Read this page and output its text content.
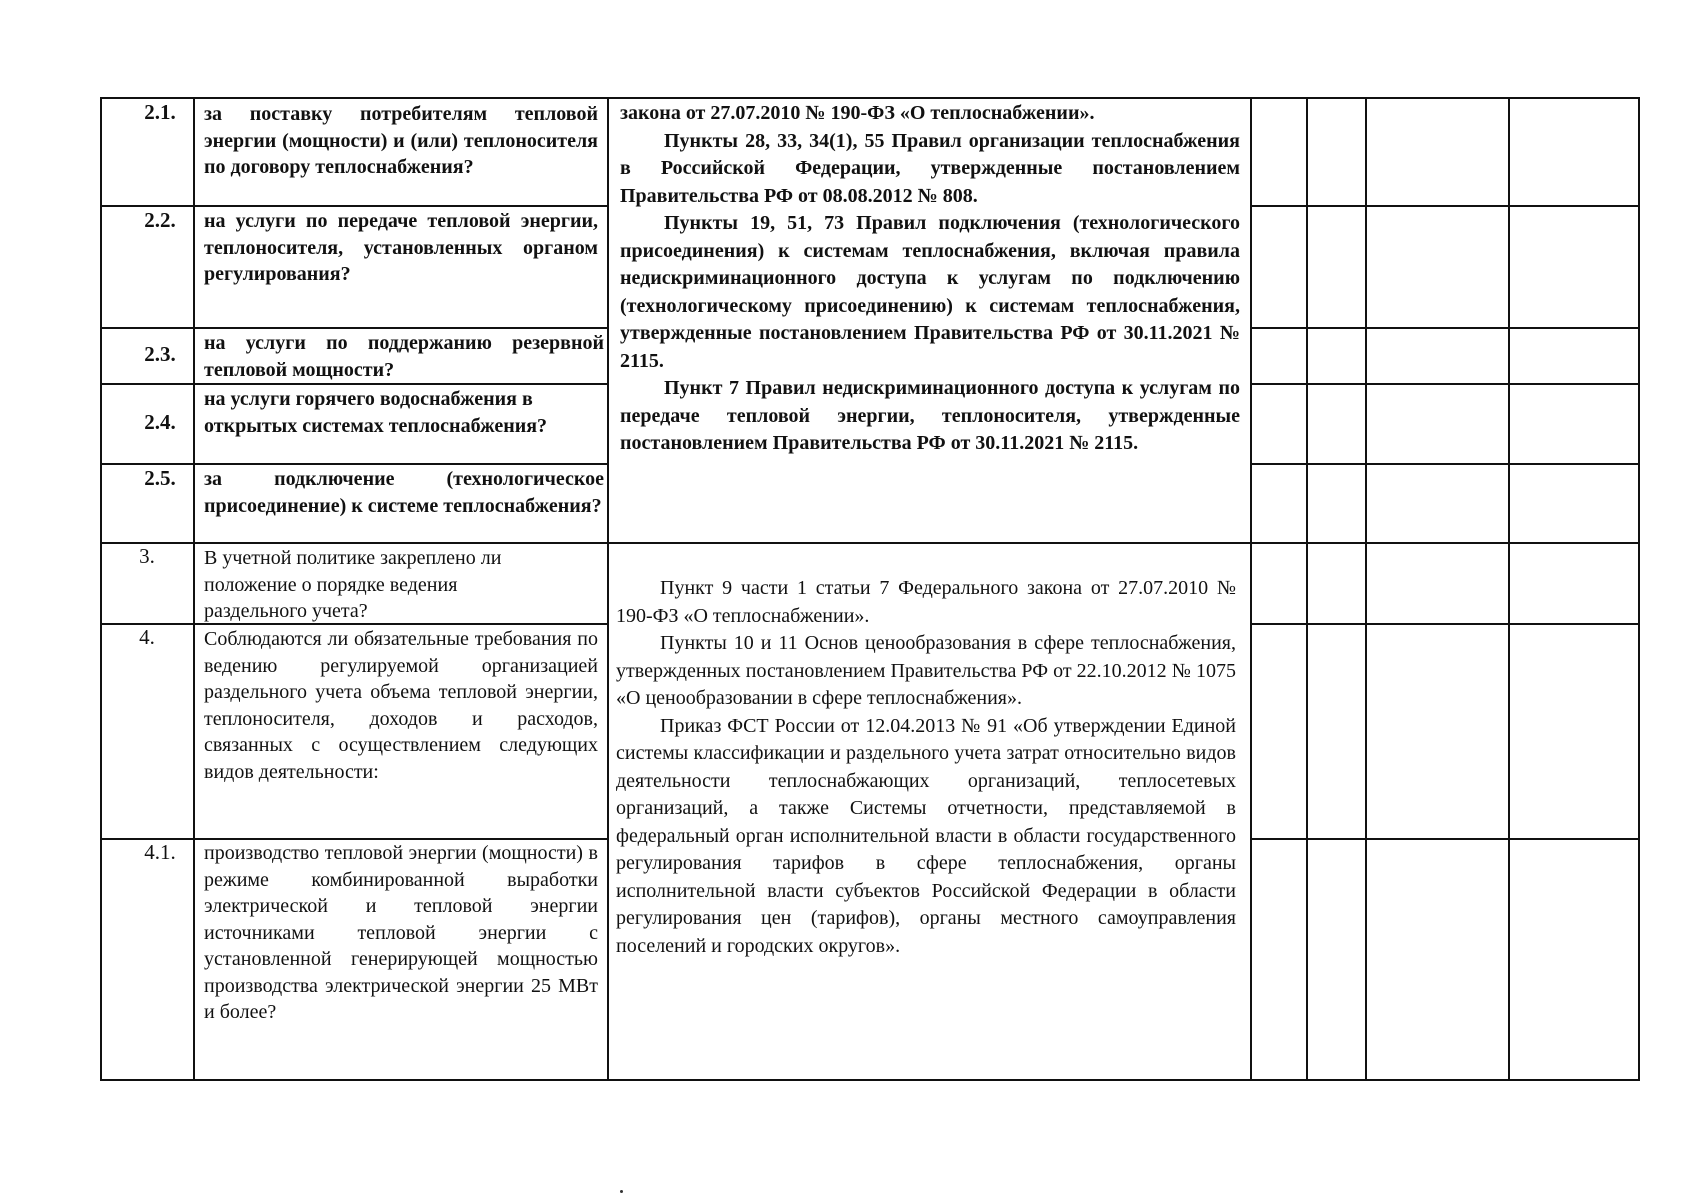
2.1.
2.2.
2.3.
2.4.
2.5.
3.
4.
4.1.
за поставку потребителям тепловой энергии (мощности) и (или) теплоносителя по договору теплоснабжения?
на услуги по передаче тепловой энергии, теплоносителя, установленных органом регулирования?
на услуги по поддержанию резервной тепловой мощности?
на услуги горячего водоснабжения в открытых системах теплоснабжения?
за подключение (технологическое присоединение) к системе теплоснабжения?
В учетной политике закреплено ли положение о порядке ведения раздельного учета?
Соблюдаются ли обязательные требования по ведению регулируемой организацией раздельного учета объема тепловой энергии, теплоносителя, доходов и расходов, связанных с осуществлением следующих видов деятельности:
производство тепловой энергии (мощности) в режиме комбинированной выработки электрической и тепловой энергии источниками тепловой энергии с установленной генерирующей мощностью производства электрической энергии 25 МВт и более?

закона от 27.07.2010 № 190-ФЗ «О теплоснабжении».

Пункты 28, 33, 34(1), 55 Правил организации теплоснабжения в Российской Федерации, утвержденные постановлением Правительства РФ от 08.08.2012 № 808.

Пункты 19, 51, 73 Правил подключения (технологического присоединения) к системам теплоснабжения, включая правила недискриминационного доступа к услугам по подключению (технологическому присоединению) к системам теплоснабжения, утвержденные постановлением Правительства РФ от 30.11.2021 № 2115.

Пункт 7 Правил недискриминационного доступа к услугам по передаче тепловой энергии, теплоносителя, утвержденные постановлением Правительства РФ от 30.11.2021 № 2115.

Пункт 9 части 1 статьи 7 Федерального закона от 27.07.2010 № 190-ФЗ «О теплоснабжении».

Пункты 10 и 11 Основ ценообразования в сфере теплоснабжения, утвержденных постановлением Правительства РФ от 22.10.2012 № 1075 «О ценообразовании в сфере теплоснабжения».

Приказ ФСТ России от 12.04.2013 № 91 «Об утверждении Единой системы классификации и раздельного учета затрат относительно видов деятельности теплоснабжающих организаций, теплосетевых организаций, а также Системы отчетности, представляемой в федеральный орган исполнительной власти в области государственного регулирования тарифов в сфере теплоснабжения, органы исполнительной власти субъектов Российской Федерации в области регулирования цен (тарифов), органы местного самоуправления поселений и городских округов».
